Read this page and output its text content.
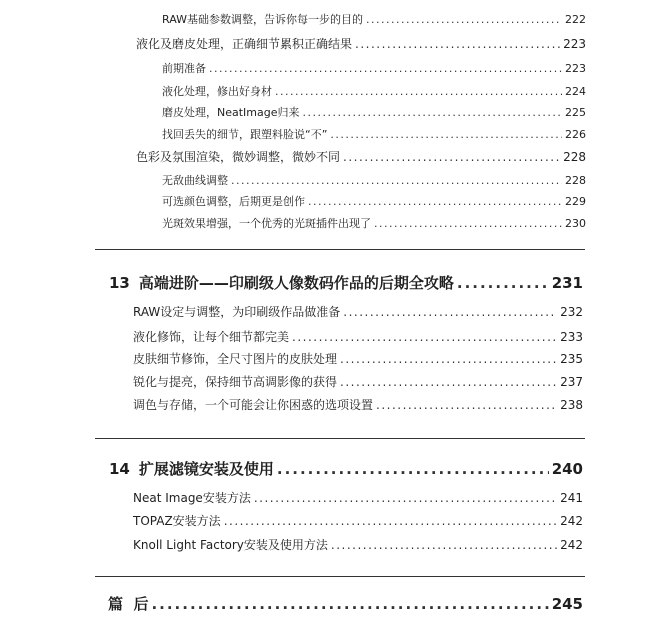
RAW基础参数调整，告诉你每一步的目的 .....	222
液化及磨皮处理，正确细节累积正确结果 .....	223
前期准备 .....	223
液化处理，修出好身材 .....	224
磨皮处理，NeatImage归来 .....	225
找回丢失的细节，跟塑料脸说“不” .....	226
色彩及氛围渲染，微妙调整，微妙不同 .....	228
无敌曲线调整 .....	228
可选颜色调整，后期更是创作 .....	229
光斑效果增强，一个优秀的光斑插件出现了 .....	230
13 高端进阶——印刷级人像数码作品的后期全攻略 .....	231
RAW设定与调整，为印刷级作品做准备 .....	232
液化修饰，让每个细节都完美 .....	233
皮肤细节修饰，全尺寸图片的皮肤处理 .....	235
锐化与提亮，保持细节高调影像的获得 .....	237
调色与存储，一个可能会让你困惑的选项设置 .....	238
14 扩展滤镜安装及使用 .....	240
Neat Image安装方法 .....	241
TOPAZ安装方法 .....	242
Knoll Light Factory安装及使用方法 .....	242
篇  后 .....	245
